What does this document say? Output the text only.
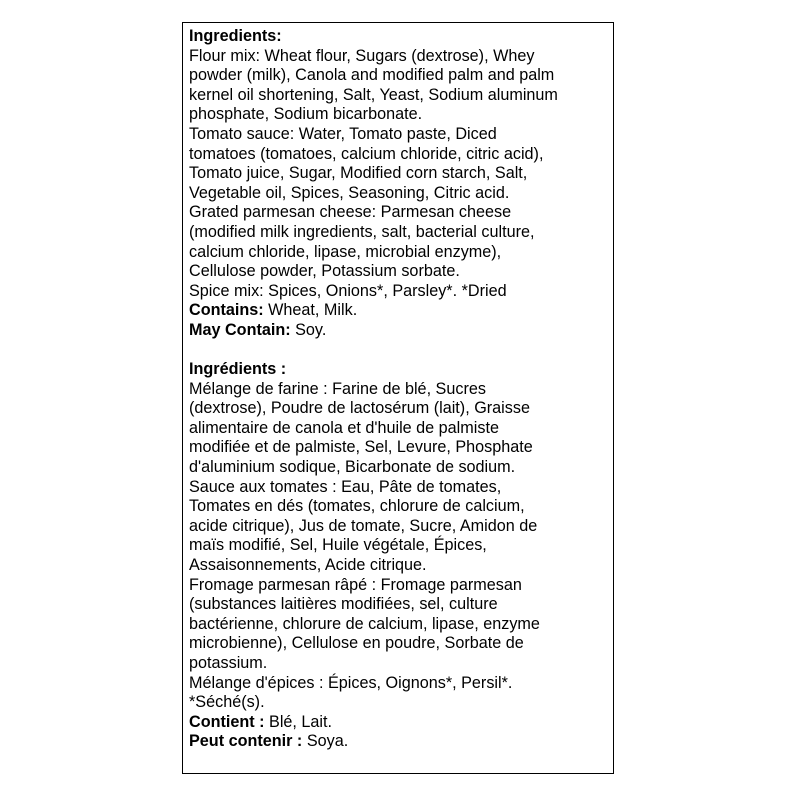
Ingredients:

Flour mix: Wheat flour, Sugars (dextrose), Whey

powder (milk), Canola and modified palm and palm

kernel oil shortening, Salt, Yeast, Sodium aluminum

phosphate, Sodium bicarbonate.

Tomato sauce: Water, Tomato paste, Diced

tomatoes (tomatoes, calcium chloride, citric acid),

Tomato juice, Sugar, Modified corn starch, Salt,

Vegetable oil, Spices, Seasoning, Citric acid.

Grated parmesan cheese: Parmesan cheese

(modified milk ingredients, salt, bacterial culture,

calcium chloride, lipase, microbial enzyme),

Cellulose powder, Potassium sorbate.

Spice mix: Spices, Onions*, Parsley*. *Dried

Contains: Wheat, Milk.

May Contain: Soy.

Ingrédients :

Mélange de farine : Farine de blé, Sucres

(dextrose), Poudre de lactosérum (lait), Graisse

alimentaire de canola et d'huile de palmiste

modifiée et de palmiste, Sel, Levure, Phosphate

d'aluminium sodique, Bicarbonate de sodium.

Sauce aux tomates : Eau, Pâte de tomates,

Tomates en dés (tomates, chlorure de calcium,

acide citrique), Jus de tomate, Sucre, Amidon de

maïs modifié, Sel, Huile végétale, Épices,

Assaisonnements, Acide citrique.

Fromage parmesan râpé : Fromage parmesan

(substances laitières modifiées, sel, culture

bactérienne, chlorure de calcium, lipase, enzyme

microbienne), Cellulose en poudre, Sorbate de

potassium.

Mélange d'épices : Épices, Oignons*, Persil*.

*Séché(s).

Contient : Blé, Lait.

Peut contenir : Soya.
